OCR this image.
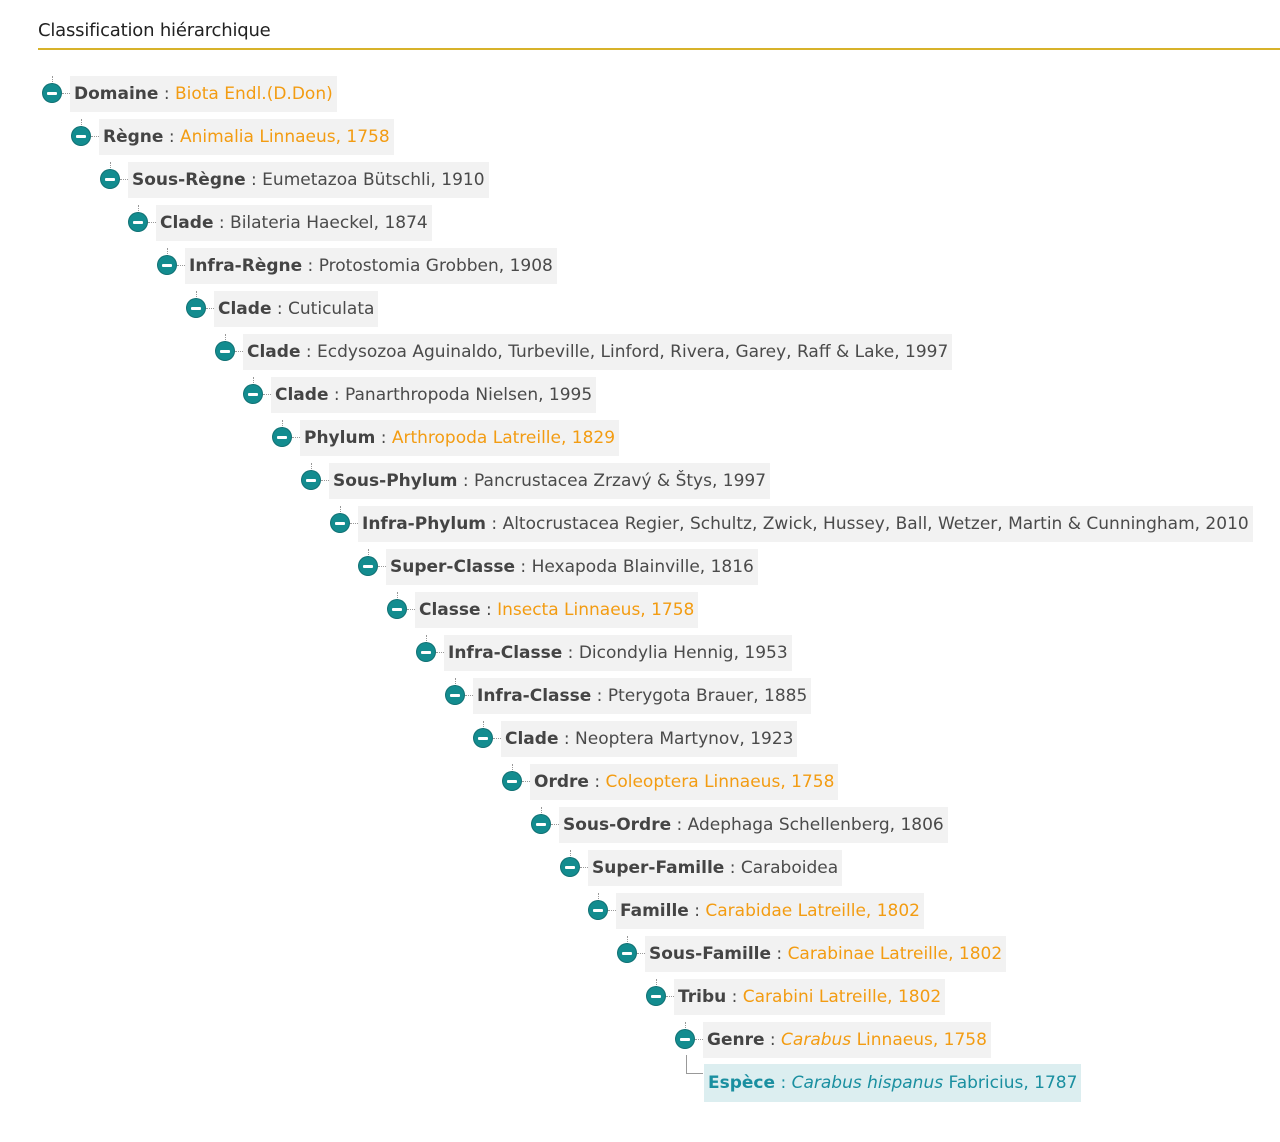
Classification hiérarchique
Domaine : Biota Endl.(D.Don)
Règne : Animalia Linnaeus, 1758
Sous-Règne : Eumetazoa Bütschli, 1910
Clade : Bilateria Haeckel, 1874
Infra-Règne : Protostomia Grobben, 1908
Clade : Cuticulata
Clade : Ecdysozoa Aguinaldo, Turbeville, Linford, Rivera, Garey, Raff & Lake, 1997
Clade : Panarthropoda Nielsen, 1995
Phylum : Arthropoda Latreille, 1829
Sous-Phylum : Pancrustacea Zrzavý & Štys, 1997
Infra-Phylum : Altocrustacea Regier, Schultz, Zwick, Hussey, Ball, Wetzer, Martin & Cunningham, 2010
Super-Classe : Hexapoda Blainville, 1816
Classe : Insecta Linnaeus, 1758
Infra-Classe : Dicondylia Hennig, 1953
Infra-Classe : Pterygota Brauer, 1885
Clade : Neoptera Martynov, 1923
Ordre : Coleoptera Linnaeus, 1758
Sous-Ordre : Adephaga Schellenberg, 1806
Super-Famille : Caraboidea
Famille : Carabidae Latreille, 1802
Sous-Famille : Carabinae Latreille, 1802
Tribu : Carabini Latreille, 1802
Genre : Carabus Linnaeus, 1758
Espèce : Carabus hispanus Fabricius, 1787
